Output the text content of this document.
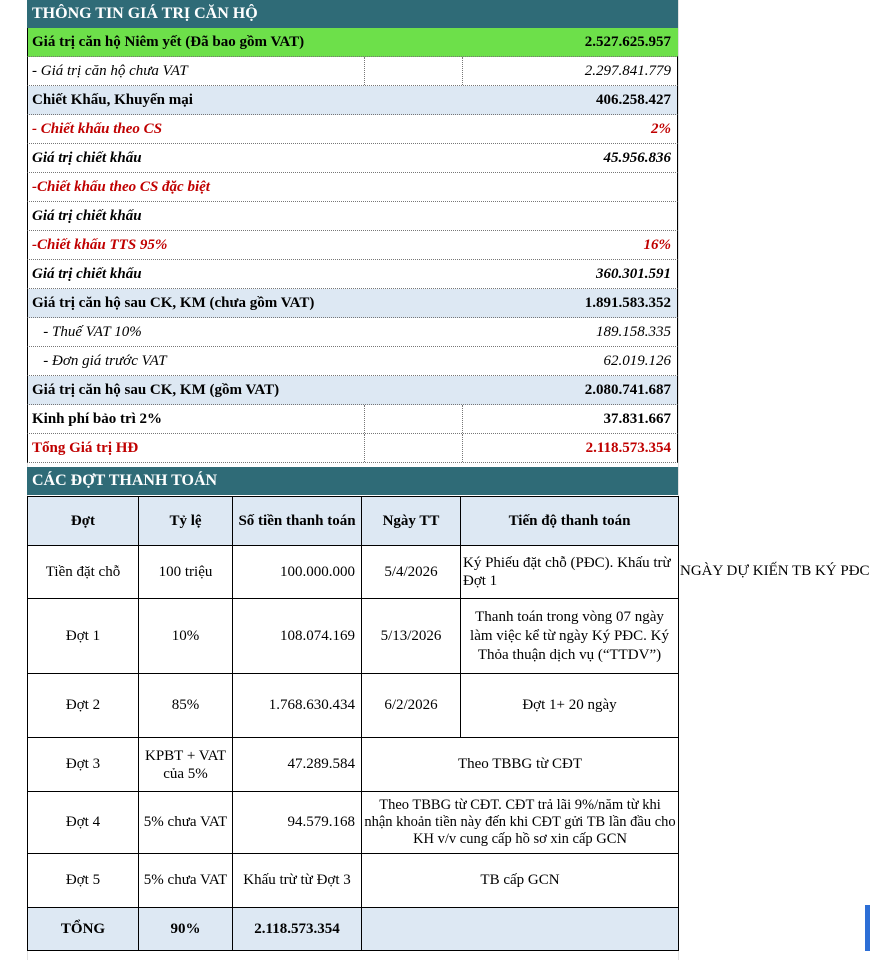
THÔNG TIN GIÁ TRỊ CĂN HỘ
Giá trị căn hộ Niêm yết (Đã bao gồm VAT)	2.527.625.957
- Giá trị căn hộ chưa VAT	2.297.841.779
Chiết Khấu, Khuyến mại	406.258.427
- Chiết khấu theo CS	2%
Giá trị chiết khấu	45.956.836
-Chiết khấu theo CS đặc biệt
Giá trị chiết khấu
-Chiết khấu TTS 95%	16%
Giá trị chiết khấu	360.301.591
Giá trị căn hộ sau CK, KM (chưa gồm VAT)	1.891.583.352
- Thuế VAT 10%	189.158.335
- Đơn giá trước VAT	62.019.126
Giá trị căn hộ sau CK, KM (gồm VAT)	2.080.741.687
Kinh phí bảo trì 2%	37.831.667
Tổng Giá trị HĐ	2.118.573.354
CÁC ĐỢT THANH TOÁN
Đợt	Tỷ lệ	Số tiền thanh toán	Ngày TT	Tiến độ thanh toán
Tiền đặt chỗ	100 triệu	100.000.000	5/4/2026	Ký Phiếu đặt chỗ (PĐC). Khấu trừ Đợt 1
Đợt 1	10%	108.074.169	5/13/2026	Thanh toán trong vòng 07 ngày làm việc kể từ ngày Ký PĐC. Ký Thỏa thuận dịch vụ (“TTDV”)
Đợt 2	85%	1.768.630.434	6/2/2026	Đợt 1+ 20 ngày
Đợt 3	KPBT + VAT của 5%	47.289.584	Theo TBBG từ CĐT	
Đợt 4	5% chưa VAT	94.579.168	Theo TBBG từ CĐT. CĐT trả lãi 9%/năm từ khi nhận khoản tiền này đến khi CĐT gửi TB lần đầu cho KH v/v cung cấp hồ sơ xin cấp GCN	
Đợt 5	5% chưa VAT	Khấu trừ từ Đợt 3	TB cấp GCN	
TỔNG	90%	2.118.573.354		
NGÀY DỰ KIẾN TB KÝ PĐC
